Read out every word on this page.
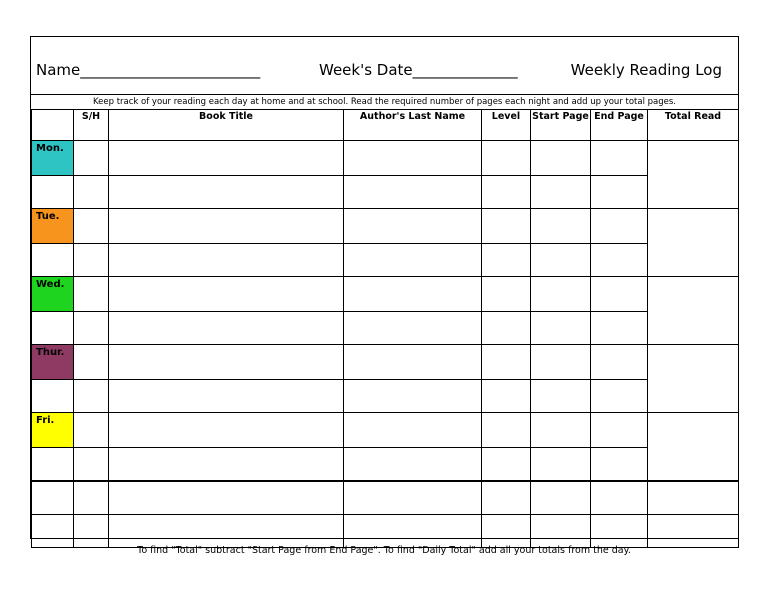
Name________________________	Week's Date______________	Weekly Reading Log
Keep track of your reading each day at home and at school. Read the required number of pages each night and add up your total pages.
	S/H	Book Title	Author's Last Name	Level	Start Page	End Page	Total Read
Mon.							

Tue.							

Wed.							

Thur.							

Fri.							

To find "Total" subtract "Start Page from End Page". To find "Daily Total" add all your totals from the day.
